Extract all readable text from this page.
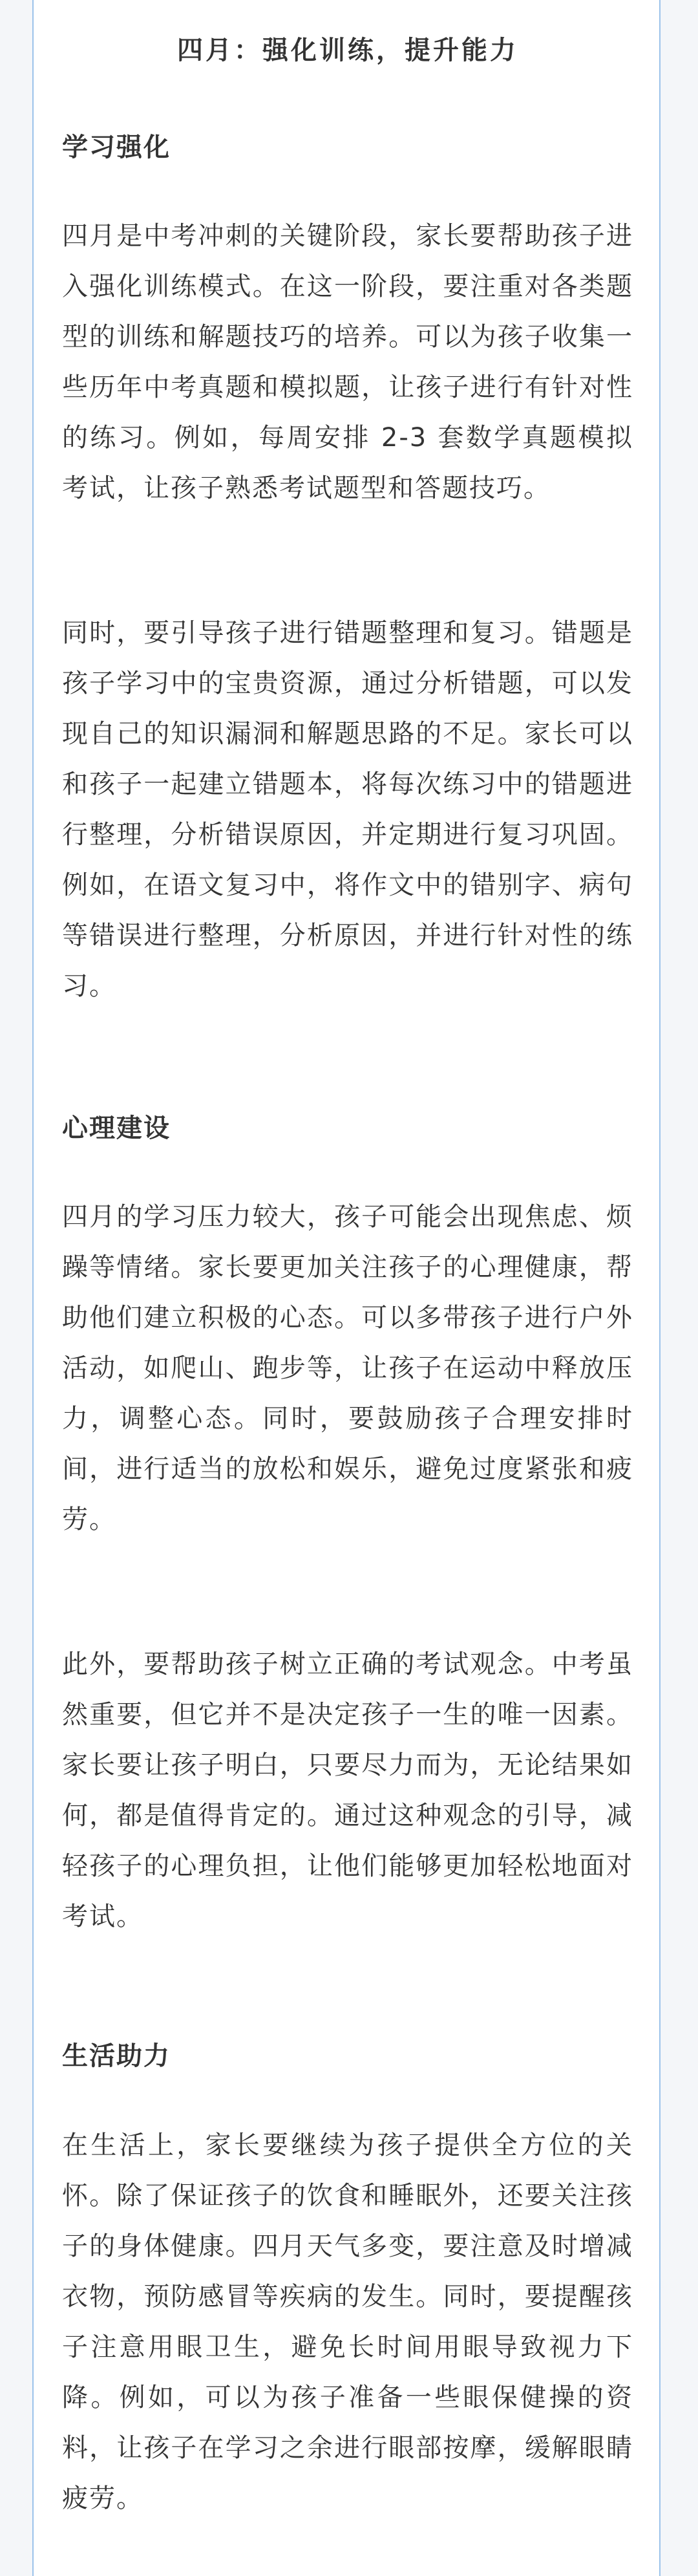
四月：强化训练，提升能力
学习强化

四月是中考冲刺的关键阶段，家长要帮助孩子进入强化训练模式。在这一阶段，要注重对各类题型的训练和解题技巧的培养。可以为孩子收集一些历年中考真题和模拟题，让孩子进行有针对性的练习。例如，每周安排 2-3 套数学真题模拟考试，让孩子熟悉考试题型和答题技巧。

同时，要引导孩子进行错题整理和复习。错题是孩子学习中的宝贵资源，通过分析错题，可以发现自己的知识漏洞和解题思路的不足。家长可以和孩子一起建立错题本，将每次练习中的错题进行整理，分析错误原因，并定期进行复习巩固。例如，在语文复习中，将作文中的错别字、病句等错误进行整理，分析原因，并进行针对性的练习。

心理建设

四月的学习压力较大，孩子可能会出现焦虑、烦躁等情绪。家长要更加关注孩子的心理健康，帮助他们建立积极的心态。可以多带孩子进行户外活动，如爬山、跑步等，让孩子在运动中释放压力，调整心态。同时，要鼓励孩子合理安排时间，进行适当的放松和娱乐，避免过度紧张和疲劳。

此外，要帮助孩子树立正确的考试观念。中考虽然重要，但它并不是决定孩子一生的唯一因素。家长要让孩子明白，只要尽力而为，无论结果如何，都是值得肯定的。通过这种观念的引导，减轻孩子的心理负担，让他们能够更加轻松地面对考试。

生活助力

在生活上，家长要继续为孩子提供全方位的关怀。除了保证孩子的饮食和睡眠外，还要关注孩子的身体健康。四月天气多变，要注意及时增减衣物，预防感冒等疾病的发生。同时，要提醒孩子注意用眼卫生，避免长时间用眼导致视力下降。例如，可以为孩子准备一些眼保健操的资料，让孩子在学习之余进行眼部按摩，缓解眼睛疲劳。
